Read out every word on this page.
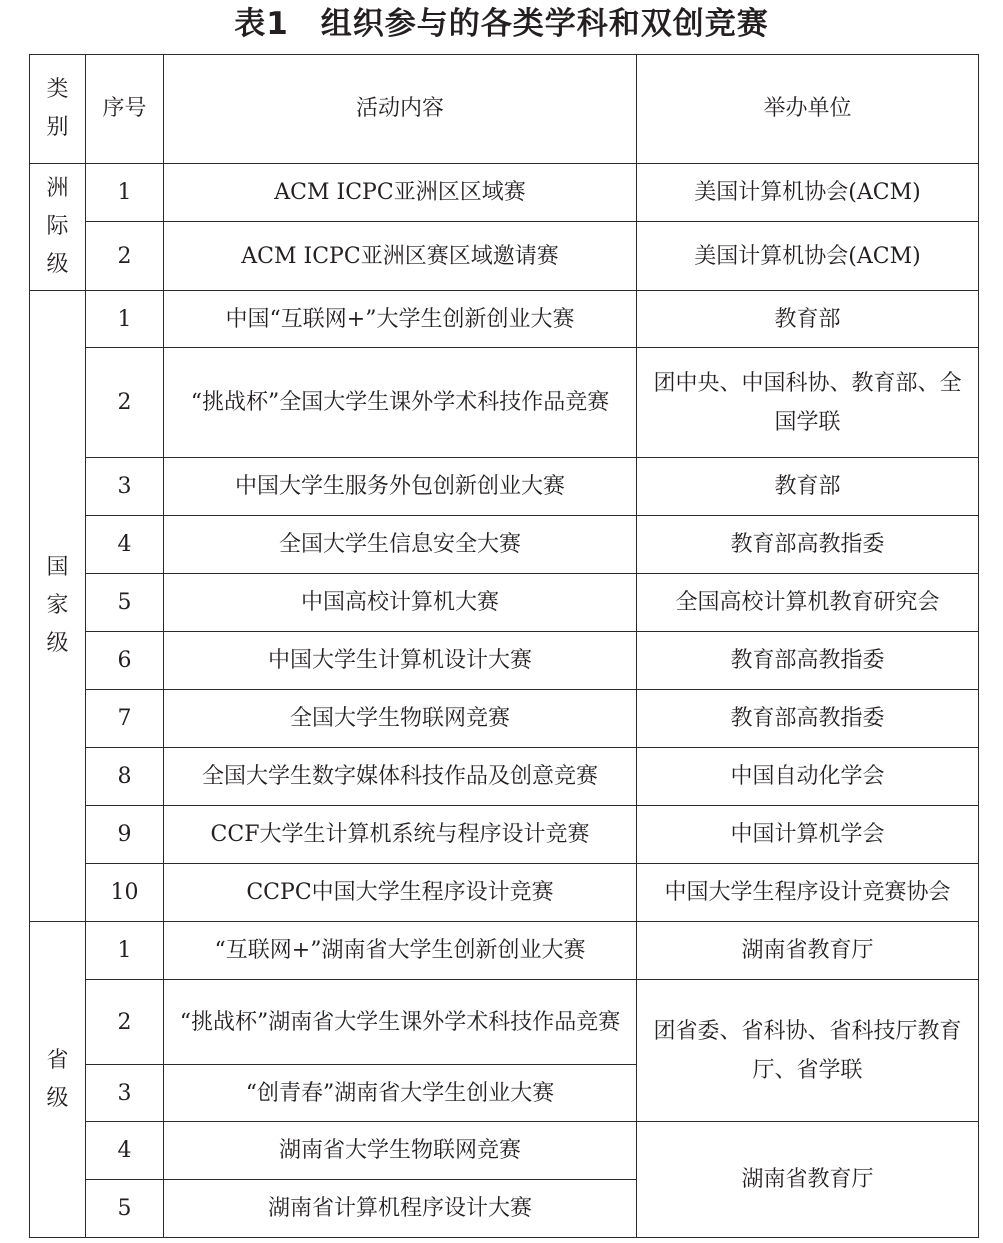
表1　组织参与的各类学科和双创竞赛
类别	序号	活动内容	举办单位

洲际级	1	ACM ICPC亚洲区区域赛	美国计算机协会(ACM)
	2	ACM ICPC亚洲区赛区域邀请赛	美国计算机协会(ACM)

国家级	1	中国“互联网+”大学生创新创业大赛	教育部
	2	“挑战杯”全国大学生课外学术科技作品竞赛	团中央、中国科协、教育部、全国学联
	3	中国大学生服务外包创新创业大赛	教育部
	4	全国大学生信息安全大赛	教育部高教指委
	5	中国高校计算机大赛	全国高校计算机教育研究会
	6	中国大学生计算机设计大赛	教育部高教指委
	7	全国大学生物联网竞赛	教育部高教指委
	8	全国大学生数字媒体科技作品及创意竞赛	中国自动化学会
	9	CCF大学生计算机系统与程序设计竞赛	中国计算机学会
	10	CCPC中国大学生程序设计竞赛	中国大学生程序设计竞赛协会

省级	1	“互联网+”湖南省大学生创新创业大赛	湖南省教育厅
	2	“挑战杯”湖南省大学生课外学术科技作品竞赛	团省委、省科协、省科技厅教育厅、省学联
	3	“创青春”湖南省大学生创业大赛	
	4	湖南省大学生物联网竞赛	湖南省教育厅
	5	湖南省计算机程序设计大赛	
